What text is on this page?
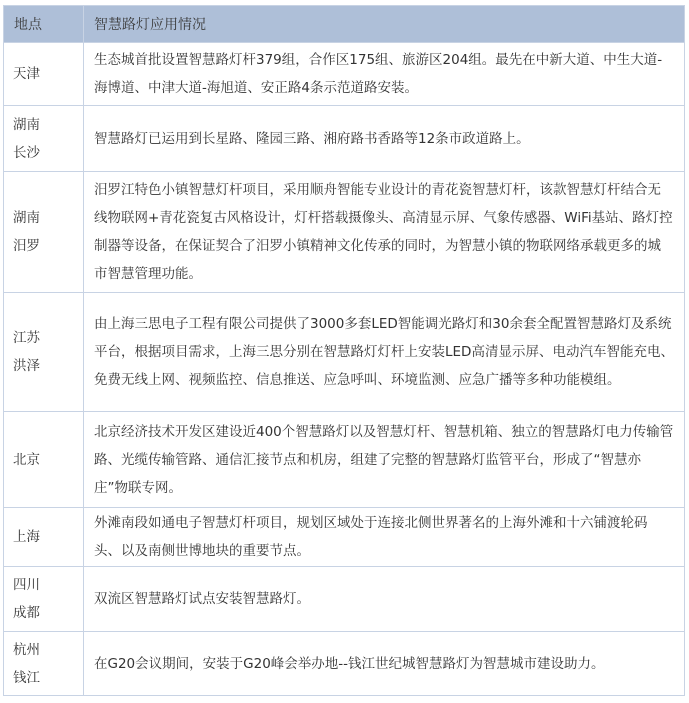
地点	智慧路灯应用情况

天津	生态城首批设置智慧路灯杆379组，合作区175组、旅游区204组。最先在中新大道、中生大道-海博道、中津大道-海旭道、安正路4条示范道路安装。

湖南
长沙	智慧路灯已运用到长星路、隆园三路、湘府路书香路等12条市政道路上。

湖南
汨罗	汨罗江特色小镇智慧灯杆项目，采用顺舟智能专业设计的青花瓷智慧灯杆，该款智慧灯杆结合无线物联网+青花瓷复古风格设计，灯杆搭载摄像头、高清显示屏、气象传感器、WiFi基站、路灯控制器等设备，在保证契合了汨罗小镇精神文化传承的同时，为智慧小镇的物联网络承载更多的城市智慧管理功能。

江苏
洪泽	由上海三思电子工程有限公司提供了3000多套LED智能调光路灯和30余套全配置智慧路灯及系统平台，根据项目需求，上海三思分别在智慧路灯灯杆上安装LED高清显示屏、电动汽车智能充电、免费无线上网、视频监控、信息推送、应急呼叫、环境监测、应急广播等多种功能模组。

北京	北京经济技术开发区建设近400个智慧路灯以及智慧灯杆、智慧机箱、独立的智慧路灯电力传输管路、光缆传输管路、通信汇接节点和机房，组建了完整的智慧路灯监管平台，形成了“智慧亦庄”物联专网。

上海	外滩南段如通电子智慧灯杆项目，规划区域处于连接北侧世界著名的上海外滩和十六铺渡轮码头、以及南侧世博地块的重要节点。

四川
成都	双流区智慧路灯试点安装智慧路灯。

杭州
钱江	在G20会议期间，安装于G20峰会举办地--钱江世纪城智慧路灯为智慧城市建设助力。
